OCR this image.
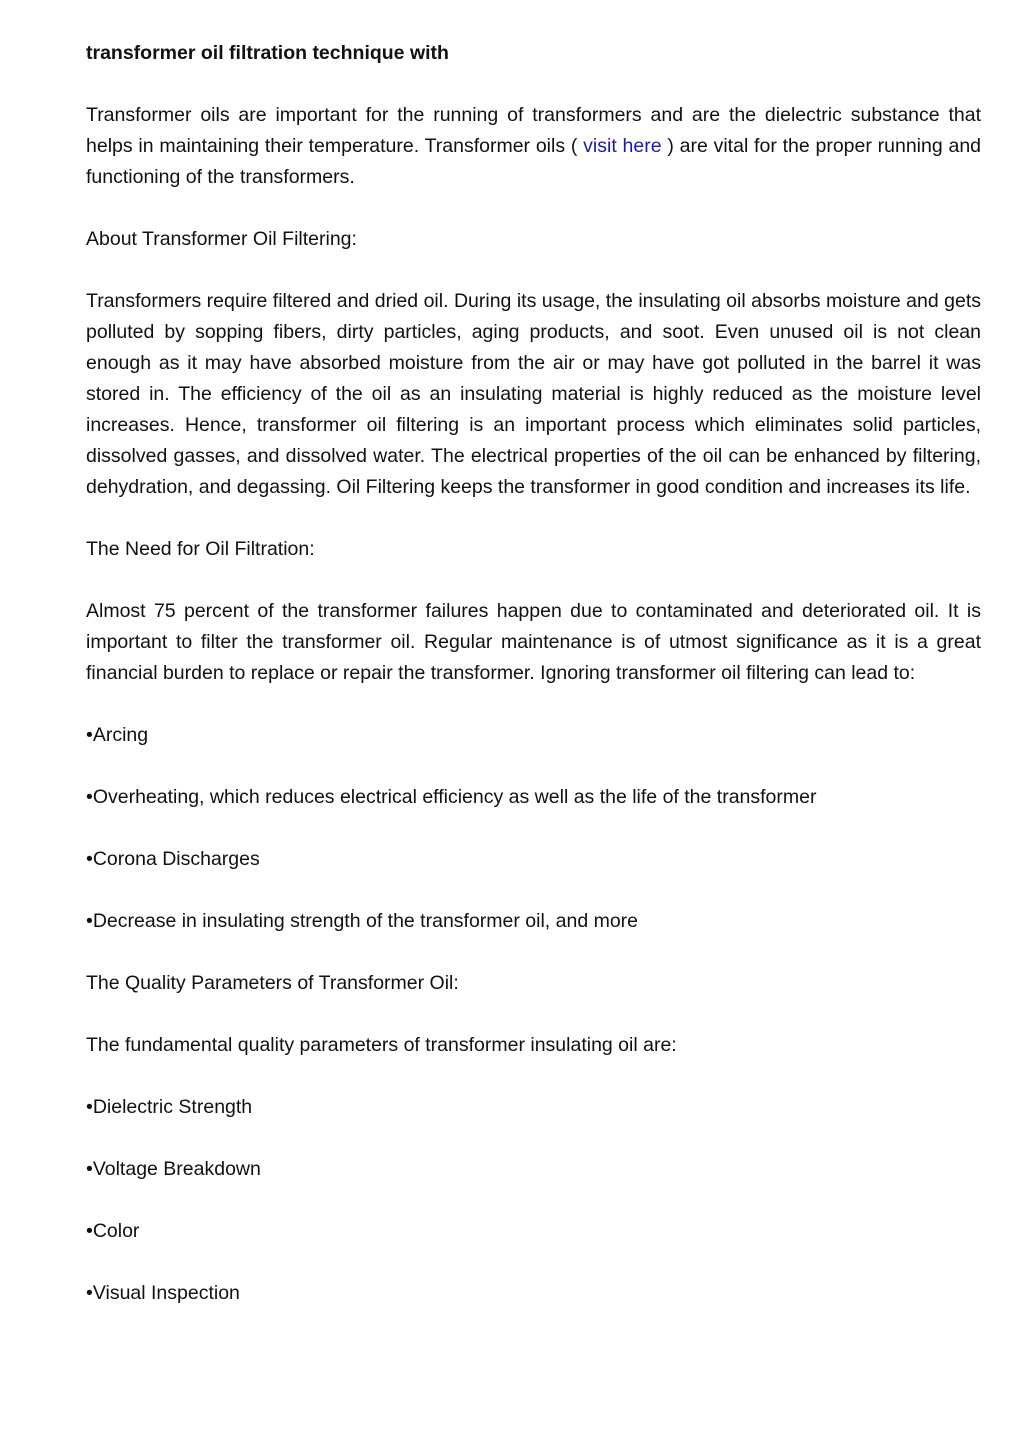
transformer oil filtration technique with

Transformer oils are important for the running of transformers and are the dielectric substance that helps in maintaining their temperature. Transformer oils ( visit here ) are vital for the proper running and functioning of the transformers.

About Transformer Oil Filtering:

Transformers require filtered and dried oil. During its usage, the insulating oil absorbs moisture and gets polluted by sopping fibers, dirty particles, aging products, and soot. Even unused oil is not clean enough as it may have absorbed moisture from the air or may have got polluted in the barrel it was stored in. The efficiency of the oil as an insulating material is highly reduced as the moisture level increases. Hence, transformer oil filtering is an important process which eliminates solid particles, dissolved gasses, and dissolved water. The electrical properties of the oil can be enhanced by filtering, dehydration, and degassing. Oil Filtering keeps the transformer in good condition and increases its life.

The Need for Oil Filtration:

Almost 75 percent of the transformer failures happen due to contaminated and deteriorated oil. It is important to filter the transformer oil. Regular maintenance is of utmost significance as it is a great financial burden to replace or repair the transformer. Ignoring transformer oil filtering can lead to:

•Arcing

•Overheating, which reduces electrical efficiency as well as the life of the transformer

•Corona Discharges

•Decrease in insulating strength of the transformer oil, and more

The Quality Parameters of Transformer Oil:

The fundamental quality parameters of transformer insulating oil are:

•Dielectric Strength

•Voltage Breakdown

•Color

•Visual Inspection
